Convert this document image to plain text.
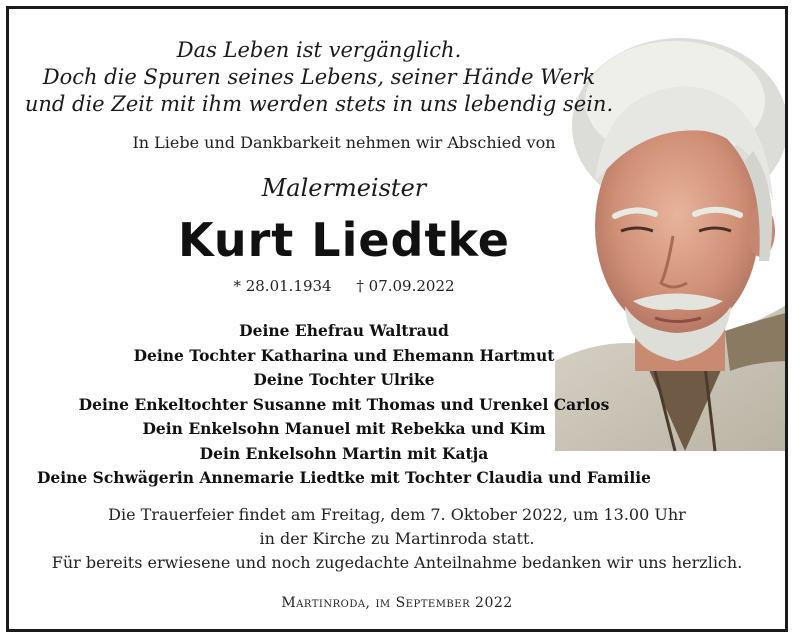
Das Leben ist vergänglich.
Doch die Spuren seines Lebens, seiner Hände Werk
und die Zeit mit ihm werden stets in uns lebendig sein.
In Liebe und Dankbarkeit nehmen wir Abschied von
Malermeister
Kurt Liedtke
* 28.01.1934 † 07.09.2022
Deine Ehefrau Waltraud
Deine Tochter Katharina und Ehemann Hartmut
Deine Tochter Ulrike
Deine Enkeltochter Susanne mit Thomas und Urenkel Carlos
Dein Enkelsohn Manuel mit Rebekka und Kim
Dein Enkelsohn Martin mit Katja
Deine Schwägerin Annemarie Liedtke mit Tochter Claudia und Familie
Die Trauerfeier findet am Freitag, dem 7. Oktober 2022, um 13.00 Uhr
in der Kirche zu Martinroda statt.
Für bereits erwiesene und noch zugedachte Anteilnahme bedanken wir uns herzlich.
Martinroda, im September 2022
